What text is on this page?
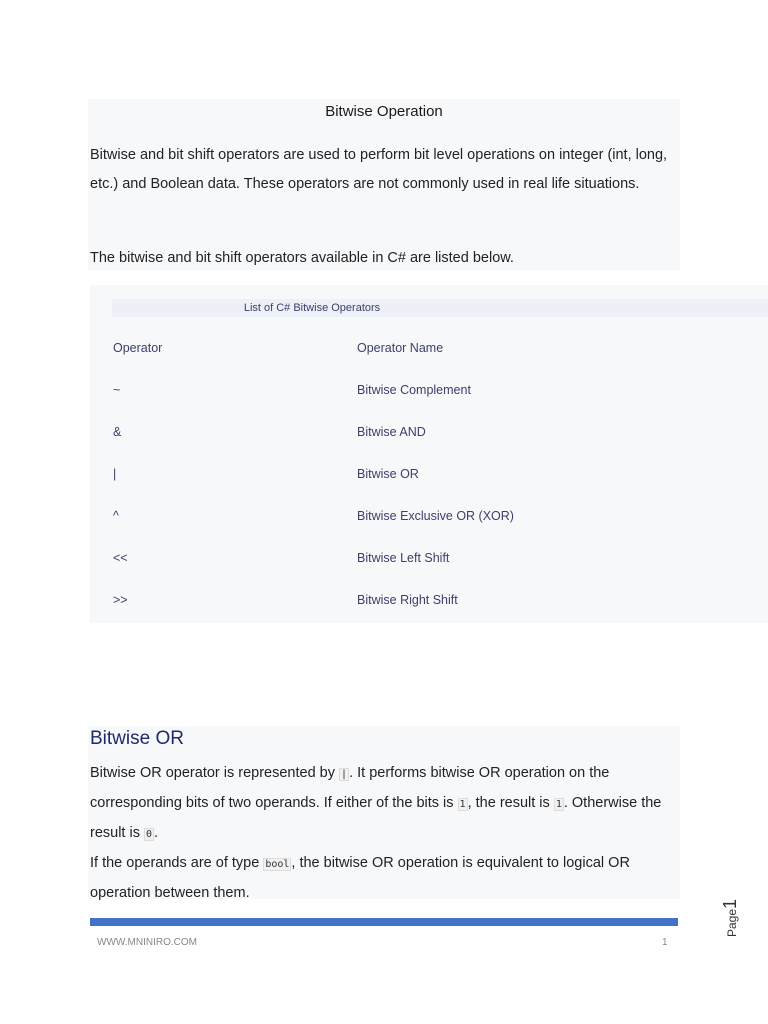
Bitwise Operation
Bitwise and bit shift operators are used to perform bit level operations on integer (int, long, etc.) and Boolean data. These operators are not commonly used in real life situations.
The bitwise and bit shift operators available in C# are listed below.
List of C# Bitwise Operators
Operator	Operator Name
~	Bitwise Complement
&	Bitwise AND
|	Bitwise OR
^	Bitwise Exclusive OR (XOR)
<<	Bitwise Left Shift
>>	Bitwise Right Shift
Bitwise OR
Bitwise OR operator is represented by | . It performs bitwise OR operation on the corresponding bits of two operands. If either of the bits is 1 , the result is 1 . Otherwise the result is 0 .
If the operands are of type bool , the bitwise OR operation is equivalent to logical OR operation between them.
WWW.MNINIRO.COM	1
Page1
